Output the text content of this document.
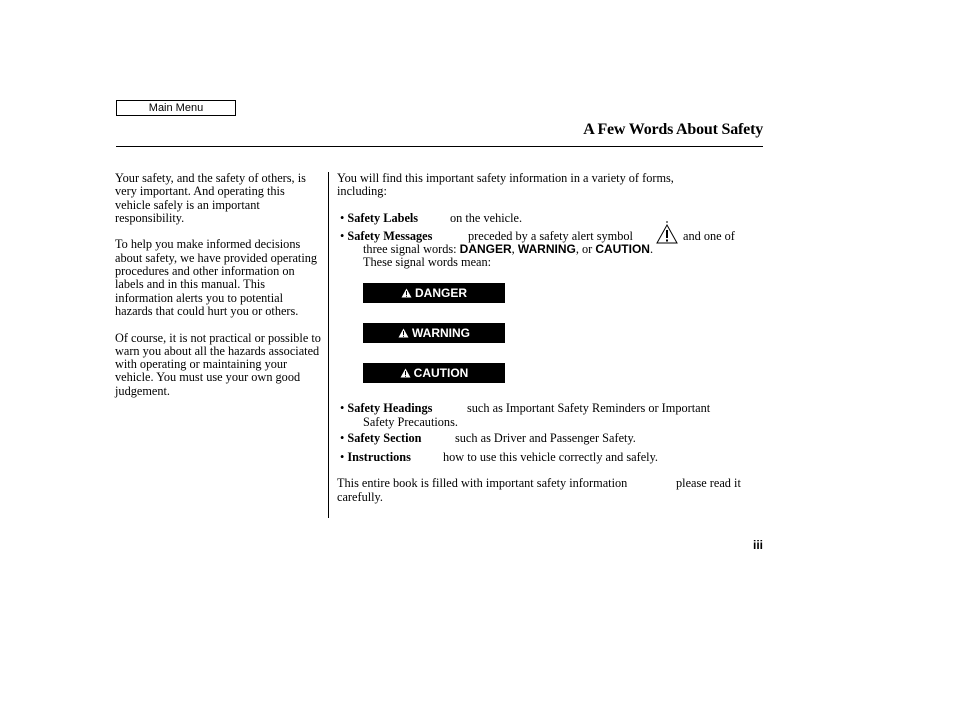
Main Menu
A Few Words About Safety

Your safety, and the safety of others, is very important. And operating this vehicle safely is an important responsibility.

To help you make informed decisions about safety, we have provided operating procedures and other information on labels and in this manual. This information alerts you to potential hazards that could hurt you or others.

Of course, it is not practical or possible to warn you about all the hazards associated with operating or maintaining your vehicle. You must use your own good judgement.

You will find this important safety information in a variety of forms,
including:
• Safety Labels	on the vehicle.
• Safety Messages	preceded by a safety alert symbol	and one of
three signal words: DANGER, WARNING, or CAUTION.
These signal words mean:
DANGER
WARNING
CAUTION
• Safety Headings	such as Important Safety Reminders or Important
Safety Precautions.
• Safety Section	such as Driver and Passenger Safety.
• Instructions	how to use this vehicle correctly and safely.
This entire book is filled with important safety information	please read it
carefully.
iii
